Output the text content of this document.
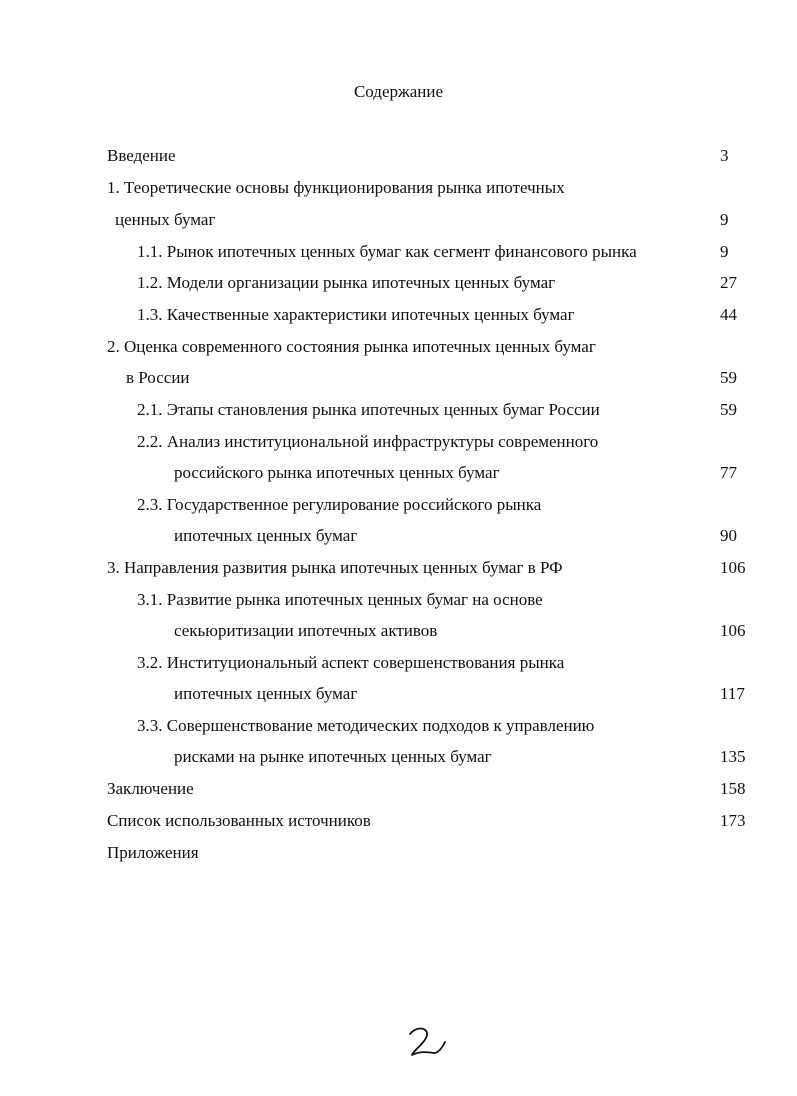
Содержание
Введение	3
1. Теоретические основы функционирования рынка ипотечных
ценных бумаг	9
1.1. Рынок ипотечных ценных бумаг как сегмент финансового рынка	9
1.2. Модели организации рынка ипотечных ценных бумаг	27
1.3. Качественные характеристики ипотечных ценных бумаг	44
2. Оценка современного состояния рынка ипотечных ценных бумаг
в России	59
2.1. Этапы становления рынка ипотечных ценных бумаг России	59
2.2. Анализ институциональной инфраструктуры современного
российского рынка ипотечных ценных бумаг	77
2.3. Государственное регулирование российского рынка
ипотечных ценных бумаг	90
3. Направления развития рынка ипотечных ценных бумаг в РФ	106
3.1. Развитие рынка ипотечных ценных бумаг на основе
секьюритизации ипотечных активов	106
3.2. Институциональный аспект совершенствования рынка
ипотечных ценных бумаг	117
3.3. Совершенствование методических подходов к управлению
рисками на рынке ипотечных ценных бумаг	135
Заключение	158
Список использованных источников	173
Приложения
